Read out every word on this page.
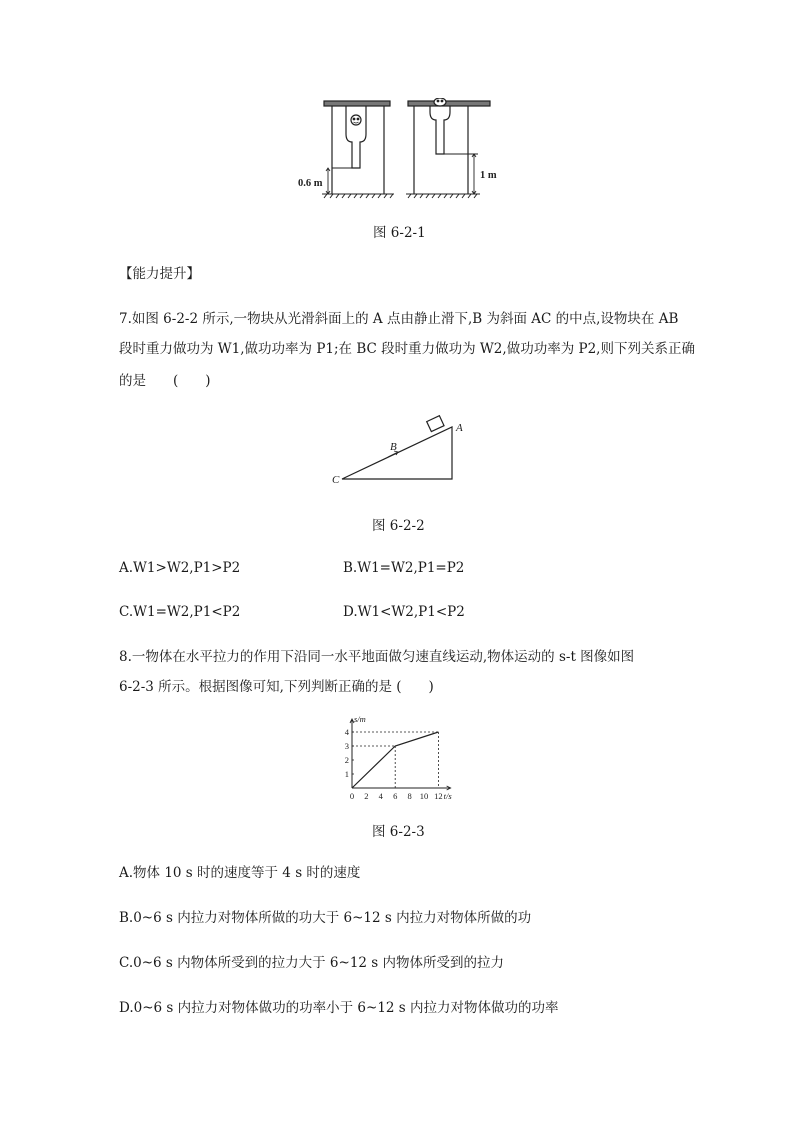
0.6 m
1 m
图 6-2-1
【能力提升】
7.如图 6-2-2 所示,一物块从光滑斜面上的 A 点由静止滑下,B 为斜面 AC 的中点,设物块在 AB
段时重力做功为 W1,做功功率为 P1;在 BC 段时重力做功为 W2,做功功率为 P2,则下列关系正确
的是　　(　　)
A
B
C
图 6-2-2
A.W1>W2,P1>P2	B.W1=W2,P1=P2
C.W1=W2,P1<P2	D.W1<W2,P1<P2
8.一物体在水平拉力的作用下沿同一水平地面做匀速直线运动,物体运动的 s-t 图像如图
6-2-3 所示。根据图像可知,下列判断正确的是 (　　)
t/s
s/m
0 2 4 6 8 10 12
1
2
3
4
图 6-2-3
A.物体 10 s 时的速度等于 4 s 时的速度
B.0~6 s 内拉力对物体所做的功大于 6~12 s 内拉力对物体所做的功
C.0~6 s 内物体所受到的拉力大于 6~12 s 内物体所受到的拉力
D.0~6 s 内拉力对物体做功的功率小于 6~12 s 内拉力对物体做功的功率
